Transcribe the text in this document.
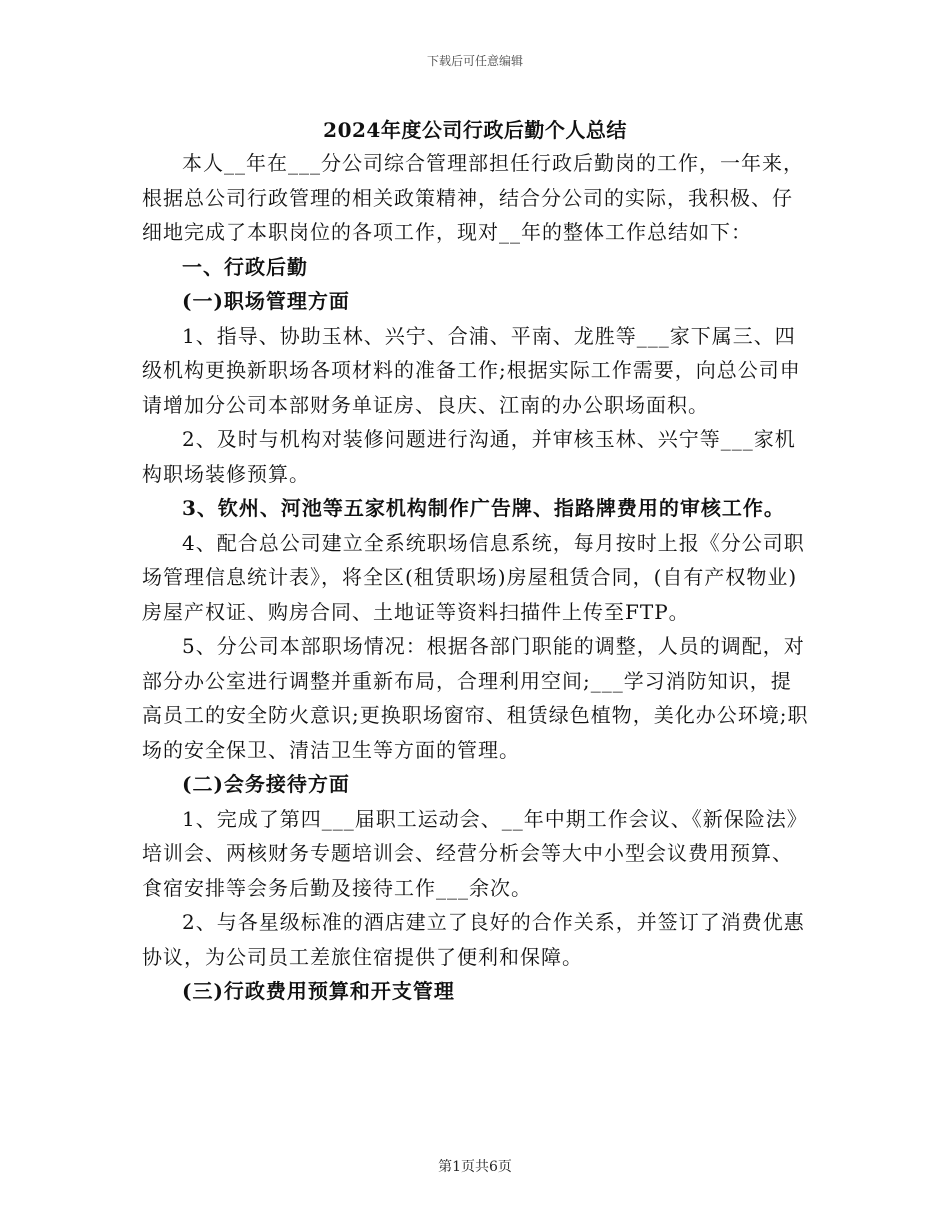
下载后可任意编辑
2024年度公司行政后勤个人总结

本人__年在___分公司综合管理部担任行政后勤岗的工作，一年来，根据总公司行政管理的相关政策精神，结合分公司的实际，我积极、仔细地完成了本职岗位的各项工作，现对__年的整体工作总结如下：

一、行政后勤

(一)职场管理方面

1、指导、协助玉林、兴宁、合浦、平南、龙胜等___家下属三、四级机构更换新职场各项材料的准备工作;根据实际工作需要，向总公司申请增加分公司本部财务单证房、良庆、江南的办公职场面积。

2、及时与机构对装修问题进行沟通，并审核玉林、兴宁等___家机构职场装修预算。

3、钦州、河池等五家机构制作广告牌、指路牌费用的审核工作。

4、配合总公司建立全系统职场信息系统，每月按时上报《分公司职场管理信息统计表》，将全区(租赁职场)房屋租赁合同，(自有产权物业)房屋产权证、购房合同、土地证等资料扫描件上传至FTP。

5、分公司本部职场情况：根据各部门职能的调整，人员的调配，对部分办公室进行调整并重新布局，合理利用空间;___学习消防知识，提高员工的安全防火意识;更换职场窗帘、租赁绿色植物，美化办公环境;职场的安全保卫、清洁卫生等方面的管理。

(二)会务接待方面

1、完成了第四___届职工运动会、__年中期工作会议、《新保险法》培训会、两核财务专题培训会、经营分析会等大中小型会议费用预算、食宿安排等会务后勤及接待工作___余次。

2、与各星级标准的酒店建立了良好的合作关系，并签订了消费优惠协议，为公司员工差旅住宿提供了便利和保障。

(三)行政费用预算和开支管理

第1页共6页
